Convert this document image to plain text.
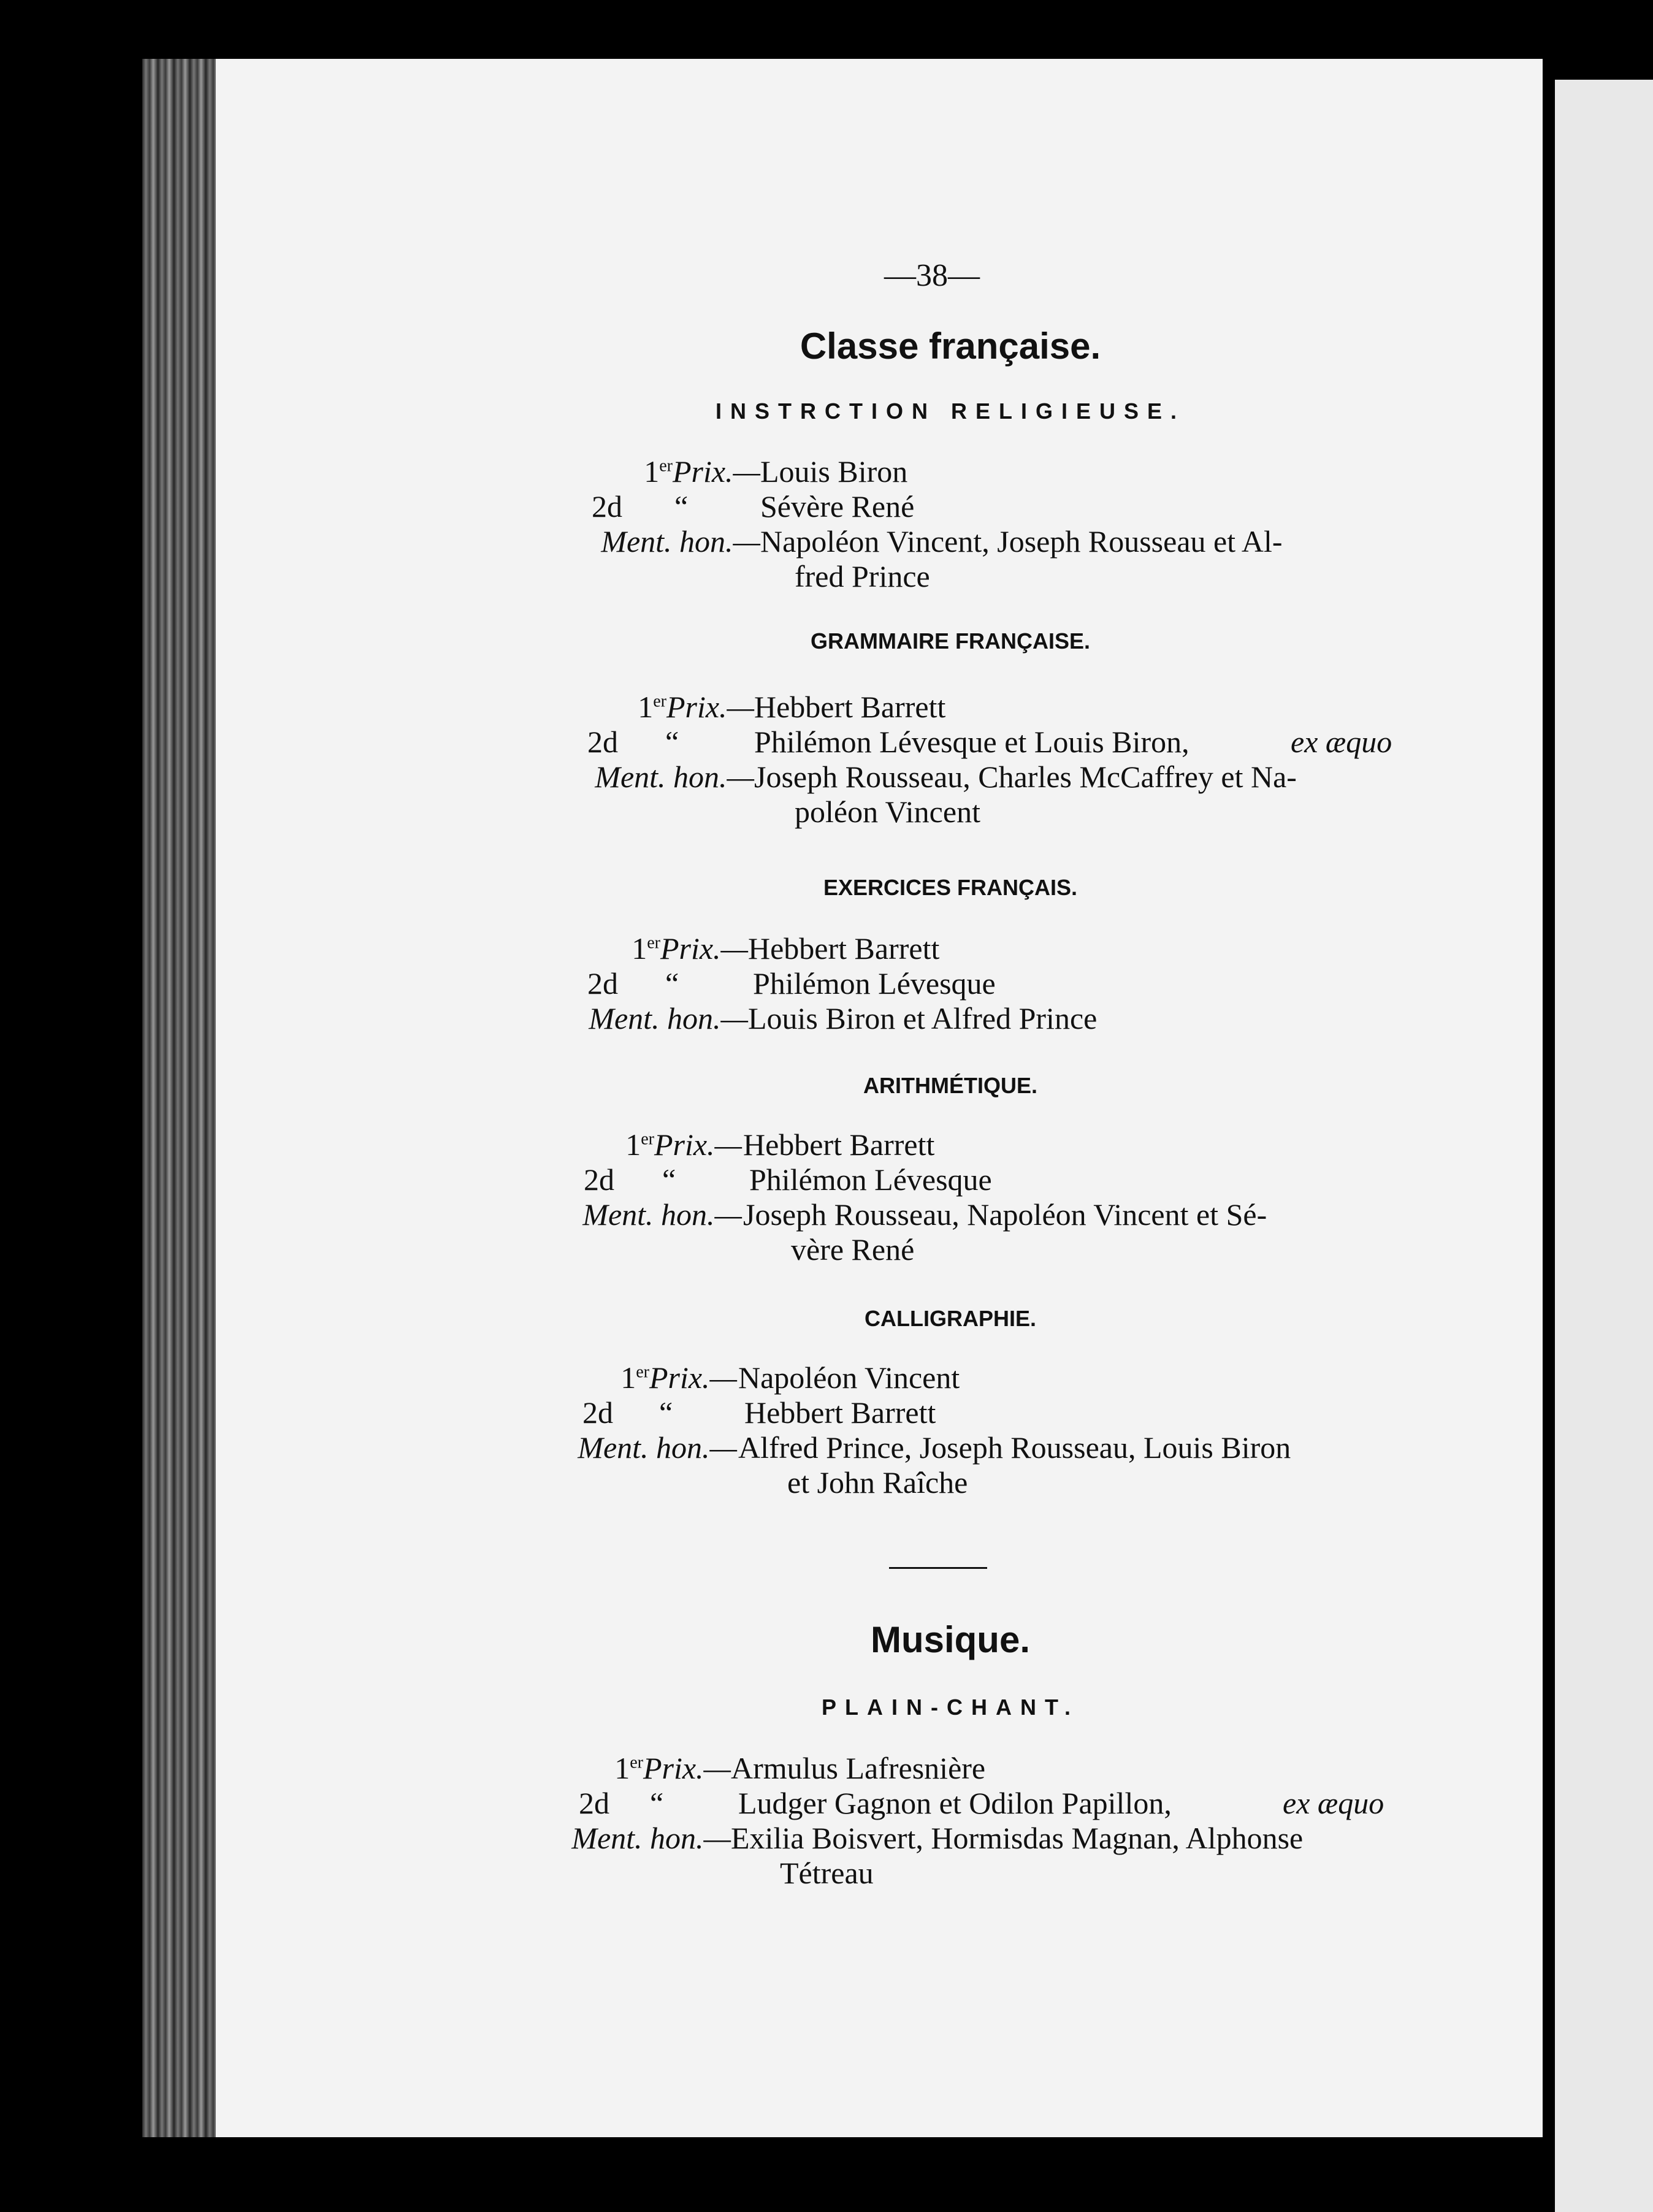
—38—
Classe française.
INSTRCTION RELIGIEUSE.
1erPrix.— Louis Biron
2d “ Sévère René
Ment. hon.— Napoléon Vincent, Joseph Rousseau et Al-
fred Prince
GRAMMAIRE FRANÇAISE.
1erPrix.— Hebbert Barrett
2d “ Philémon Lévesque et Louis Biron,	ex æquo
Ment. hon.— Joseph Rousseau, Charles McCaffrey et Na-
poléon Vincent
EXERCICES FRANÇAIS.
1erPrix.— Hebbert Barrett
2d “ Philémon Lévesque
Ment. hon.— Louis Biron et Alfred Prince
ARITHMÉTIQUE.
1erPrix.— Hebbert Barrett
2d “ Philémon Lévesque
Ment. hon.— Joseph Rousseau, Napoléon Vincent et Sé-
vère René
CALLIGRAPHIE.
1erPrix.— Napoléon Vincent
2d “ Hebbert Barrett
Ment. hon.— Alfred Prince, Joseph Rousseau, Louis Biron
et John Raîche
Musique.
PLAIN-CHANT.
1erPrix.— Armulus Lafresnière
2d “ Ludger Gagnon et Odilon Papillon,	ex æquo
Ment. hon.— Exilia Boisvert, Hormisdas Magnan, Alphonse
Tétreau
